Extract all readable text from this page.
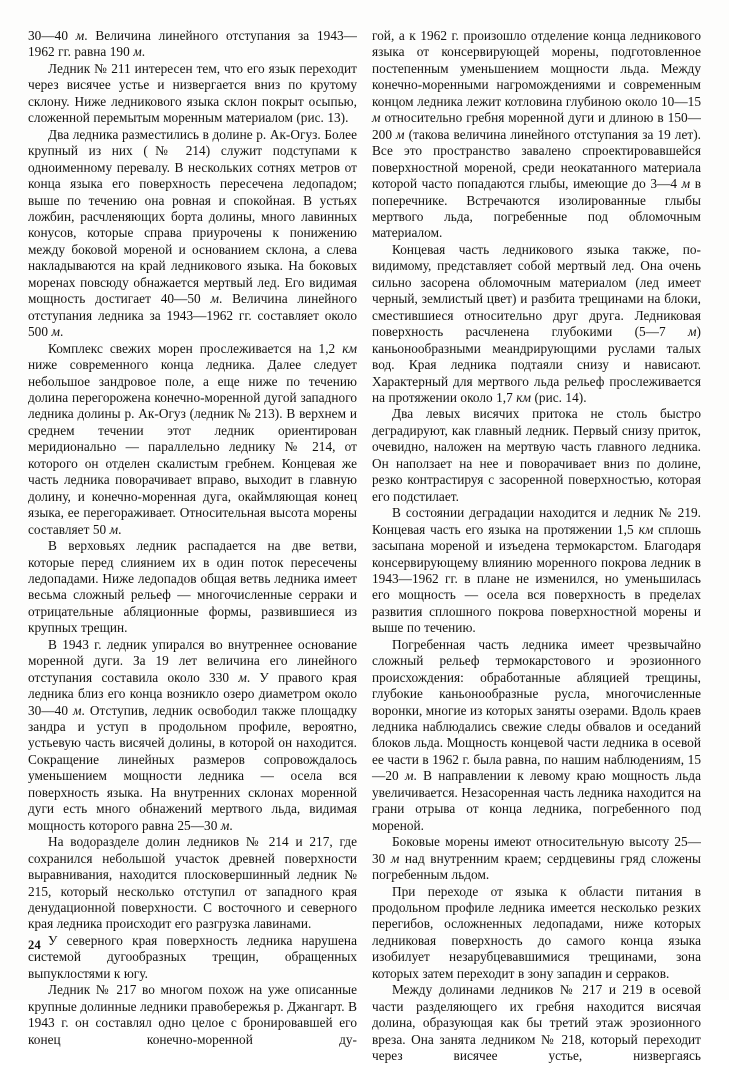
30—40 м. Величина линейного отступания за 1943—1962 гг. равна 190 м.

Ледник № 211 интересен тем, что его язык переходит через висячее устье и низвергается вниз по крутому склону. Ниже ледникового языка склон покрыт осыпью, сложенной перемытым моренным материалом (рис. 13).

Два ледника разместились в долине р. Ак-Огуз. Более крупный из них (№ 214) служит подступами к одноименному перевалу. В нескольких сотнях метров от конца языка его поверхность пересечена ледопадом; выше по течению она ровная и спокойная. В устьях ложбин, расчленяющих борта долины, много лавинных конусов, которые справа приурочены к понижению между боковой мореной и основанием склона, а слева накладываются на край ледникового языка. На боковых моренах повсюду обнажается мертвый лед. Его видимая мощность достигает 40—50 м. Величина линейного отступания ледника за 1943—1962 гг. составляет около 500 м.

Комплекс свежих морен прослеживается на 1,2 км ниже современного конца ледника. Далее следует небольшое зандровое поле, а еще ниже по течению долина перегорожена конечно-моренной дугой западного ледника долины р. Ак-Огуз (ледник № 213). В верхнем и среднем течении этот ледник ориентирован меридионально — параллельно леднику № 214, от которого он отделен скалистым гребнем. Концевая же часть ледника поворачивает вправо, выходит в главную долину, и конечно-моренная дуга, окаймляющая конец языка, ее перегораживает. Относительная высота морены составляет 50 м.

В верховьях ледник распадается на две ветви, которые перед слиянием их в один поток пересечены ледопадами. Ниже ледопадов общая ветвь ледника имеет весьма сложный рельеф — многочисленные серраки и отрицательные абляционные формы, развившиеся из крупных трещин.

В 1943 г. ледник упирался во внутреннее основание моренной дуги. За 19 лет величина его линейного отступания составила около 330 м. У правого края ледника близ его конца возникло озеро диаметром около 30—40 м. Отступив, ледник освободил также площадку зандра и уступ в продольном профиле, вероятно, устьевую часть висячей долины, в которой он находится. Сокращение линейных размеров сопровождалось уменьшением мощности ледника — осела вся поверхность языка. На внутренних склонах моренной дуги есть много обнажений мертвого льда, видимая мощность которого равна 25—30 м.

На водоразделе долин ледников № 214 и 217, где сохранился небольшой участок древней поверхности выравнивания, находится плосковершинный ледник № 215, который несколько отступил от западного края денудационной поверхности. С восточного и северного края ледника происходит его разгрузка лавинами.

У северного края поверхность ледника нарушена системой дугообразных трещин, обращенных выпуклостями к югу.

Ледник № 217 во многом похож на уже описанные крупные долинные ледники правобережья р. Джангарт. В 1943 г. он составлял одно целое с бронировавшей его конец конечно-моренной ду-

гой, а к 1962 г. произошло отделение конца ледникового языка от консервирующей морены, подготовленное постепенным уменьшением мощности льда. Между конечно-моренными нагромождениями и современным концом ледника лежит котловина глубиною около 10—15 м относительно гребня моренной дуги и длиною в 150—200 м (такова величина линейного отступания за 19 лет). Все это пространство завалено спроектировавшейся поверхностной мореной, среди неокатанного материала которой часто попадаются глыбы, имеющие до 3—4 м в поперечнике. Встречаются изолированные глыбы мертвого льда, погребенные под обломочным материалом.

Концевая часть ледникового языка также, по-видимому, представляет собой мертвый лед. Она очень сильно засорена обломочным материалом (лед имеет черный, землистый цвет) и разбита трещинами на блоки, сместившиеся относительно друг друга. Ледниковая поверхность расчленена глубокими (5—7 м) каньонообразными меандрирующими руслами талых вод. Края ледника подтаяли снизу и нависают. Характерный для мертвого льда рельеф прослеживается на протяжении около 1,7 км (рис. 14).

Два левых висячих притока не столь быстро деградируют, как главный ледник. Первый снизу приток, очевидно, наложен на мертвую часть главного ледника. Он наползает на нее и поворачивает вниз по долине, резко контрастируя с засоренной поверхностью, которая его подстилает.

В состоянии деградации находится и ледник № 219. Концевая часть его языка на протяжении 1,5 км сплошь засыпана мореной и изъедена термокарстом. Благодаря консервирующему влиянию моренного покрова ледник в 1943—1962 гг. в плане не изменился, но уменьшилась его мощность — осела вся поверхность в пределах развития сплошного покрова поверхностной морены и выше по течению.

Погребенная часть ледника имеет чрезвычайно сложный рельеф термокарстового и эрозионного происхождения: обработанные абляцией трещины, глубокие каньонообразные русла, многочисленные воронки, многие из которых заняты озерами. Вдоль краев ледника наблюдались свежие следы обвалов и оседаний блоков льда. Мощность концевой части ледника в осевой ее части в 1962 г. была равна, по нашим наблюдениям, 15—20 м. В направлении к левому краю мощность льда увеличивается. Незасоренная часть ледника находится на грани отрыва от конца ледника, погребенного под мореной.

Боковые морены имеют относительную высоту 25—30 м над внутренним краем; сердцевины гряд сложены погребенным льдом.

При переходе от языка к области питания в продольном профиле ледника имеется несколько резких перегибов, осложненных ледопадами, ниже которых ледниковая поверхность до самого конца языка изобилует незарубцевавшимися трещинами, зона которых затем переходит в зону западин и серраков.

Между долинами ледников № 217 и 219 в осевой части разделяющего их гребня находится висячая долина, образующая как бы третий этаж эрозионного вреза. Она занята ледником № 218, который переходит через висячее устье, низвергаясь

24
